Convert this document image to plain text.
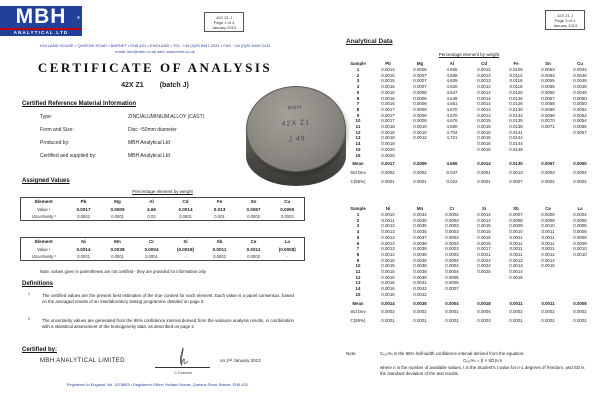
MBH	®
ANALYTICAL LTD
42X Z1 J
Page 1 of 4
January 2013
HOLLAND HOUSE • QUEENS ROAD • BARNET • EN5 4DJ • ENGLAND • TEL. +44 (0)20 8441 2031 • FAX. +44 (0)20 8449 0413
email: info@mbh.co.uk web: www.mbh.co.uk
CERTIFICATE OF ANALYSIS
42X Z1 (batch J)
Certified Reference Material Information
Type:	ZINC/ALUMINIUM ALLOY (CAST)
Form and Size:	Disc ~50mm diameter
Produced by:	MBH Analytical Ltd
Certified and supplied by:	MBH Analytical Ltd
Assigned Values
Percentage element by weight
Element	Pb	Mg	Al	Cd	Fe	Sn	Cu
Value ¹	0.0017	0.0009	4.66	0.0014	0.013	0.0067	0.0050
Uncertainty ²	0.0002	0.0001	0.03	0.0001	0.001	0.0002	0.0003
Element	Ni	Mn	Cr	Si	Sb	Ce	La
Value ¹	0.0014	0.0038	0.0004	(0.0018)	0.0011	0.0011	(0.0008)
Uncertainty ²	0.0001	0.0001	0.0001	-	0.0002	0.0002	-
Note: values given in parentheses are not certified - they are provided for information only
Definitions
1	The certified values are the present best estimates of the true content for each element. Each value is a panel consensus, based on the averaged results of an interlaboratory testing programme detailed on page 3.
2	The uncertainty values are generated from the 95% confidence interval derived from the variance analysis results, in combination with a statistical assessment of the homogeneity data, as described on page 2.
Certified by:
MBH ANALYTICAL LIMITED	on 2ⁿᵈ January 2013
C Everest
Registered in England, No. 1575853 • Registered Office: Holland House, Queens Road, Barnet, EN5 4DJ
MBH
42X Z1
J 49
42X Z1 J
Page 3 of 4
January 2013
Analytical Data
Percentage element by weight
Sample	Pb	Mg	Al	Cd	Fe	Sn	Cu
1	0.0014	0.0006	4.605	0.0012	0.0105	0.0063	0.0044
2	0.0015	0.0007	4.608	0.0013	0.0112	0.0063	0.0046
3	0.0015	0.0007	4.609	0.0013	0.0116	0.0065	0.0048
4	0.0016	0.0007	4.620	0.0014	0.0118	0.0065	0.0048
5	0.0016	0.0008	4.647	0.0014	0.0125	0.0066	0.0049
6	0.0016	0.0008	4.649	0.0014	0.0126	0.0067	0.0050
7	0.0016	0.0008	4.661	0.0014	0.0126	0.0068	0.0050
8	0.0017	0.0009	4.670	0.0014	0.0130	0.0069	0.0052
9	0.0017	0.0009	4.670	0.0014	0.0134	0.0069	0.0052
10	0.0017	0.0009	4.676	0.0015	0.0135	0.0070	0.0054
11	0.0018	0.0010	4.680	0.0015	0.0138	0.0071	0.0055
12	0.0018	0.0010	4.704	0.0015	0.0141		0.0057
13	0.0018	0.0012	4.721	0.0015	0.0144		
14	0.0019			0.0016	0.0144		
15	0.0020			0.0016	0.0149		
16	0.0020						
Mean	0.0017	0.0009	4.655	0.0014	0.0130	0.0067	0.0050
Std Dev	0.0002	0.0002	0.037	0.0001	0.0013	0.0003	0.0004
C(95%)	0.0001	0.0001	0.022	0.0001	0.0007	0.0002	0.0002
Sample	Ni	Mn	Cr	Si	Sb	Ce	La
1	0.0010	0.0034	0.0002	0.0014	0.0007	0.0009	0.0004
2	0.0011	0.0035	0.0003	0.0014	0.0008	0.0009	0.0005
3	0.0012	0.0035	0.0003	0.0015	0.0009	0.0010	0.0005
4	0.0013	0.0035	0.0003	0.0015	0.0010	0.0011	0.0005
5	0.0013	0.0037	0.0003	0.0015	0.0011	0.0011	0.0009
6	0.0013	0.0038	0.0003	0.0016	0.0011	0.0011	0.0009
7	0.0013	0.0038	0.0003	0.0017	0.0011	0.0011	0.0010
8	0.0014	0.0038	0.0003	0.0021	0.0011	0.0012	0.0010
9	0.0015	0.0038	0.0004	0.0024	0.0012	0.0014	
10	0.0015	0.0038	0.0004	0.0024	0.0013	0.0015	
11	0.0015	0.0038	0.0004	0.0025	0.0014		
12	0.0016	0.0039	0.0005		0.0015		
13	0.0016	0.0041	0.0006				
14	0.0016	0.0042	0.0007				
15	0.0016	0.0042					
Mean	0.0014	0.0038	0.0004	0.0018	0.0011	0.0011	0.0008
Std Dev	0.0002	0.0002	0.0001	0.0004	0.0002	0.0002	0.0002
C(95%)	0.0001	0.0001	0.0001	0.0003	0.0001	0.0002	0.0002
Note:	C₍₉₅%₎ is the 95% half-width confidence interval derived from the equation:
C₍₉₅%₎ = (t × SD)/√n
where n is the number of available values, t is the Student's t value for n-1 degrees of freedom, and SD is the standard deviation of the test results.
